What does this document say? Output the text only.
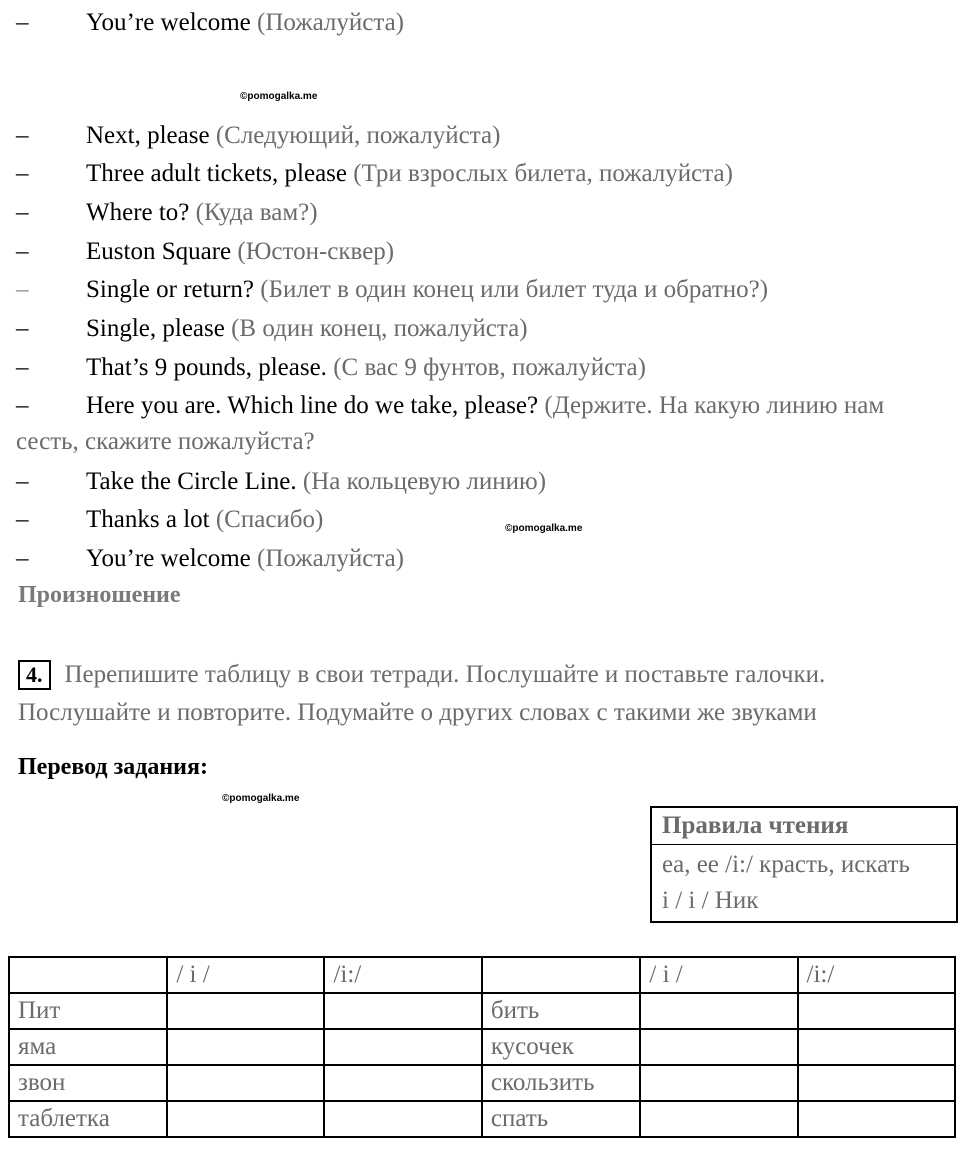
– You’re welcome (Пожалуйста)
©pomogalka.me
– Next, please (Следующий, пожалуйста)
– Three adult tickets, please (Три взрослых билета, пожалуйста)
– Where to? (Куда вам?)
– Euston Square (Юстон-сквер)
– Single or return? (Билет в один конец или билет туда и обратно?)
– Single, please (В один конец, пожалуйста)
– That’s 9 pounds, please. (С вас 9 фунтов, пожалуйста)
– Here you are. Which line do we take, please? (Держите. На какую линию нам сесть, скажите пожалуйста?
– Take the Circle Line. (На кольцевую линию)
– Thanks a lot (Спасибо)	©pomogalka.me
– You’re welcome (Пожалуйста)
Произношение
4. Перепишите таблицу в свои тетради. Послушайте и поставьте галочки. Послушайте и повторите. Подумайте о других словах с такими же звуками
Перевод задания:
©pomogalka.me
Правила чтения
ea, ee /i:/ красть, искать
i / i / Ник
	/ i /	/i:/		/ i /	/i:/
Пит			бить		
яма			кусочек		
звон			скользить		
таблетка			спать		
